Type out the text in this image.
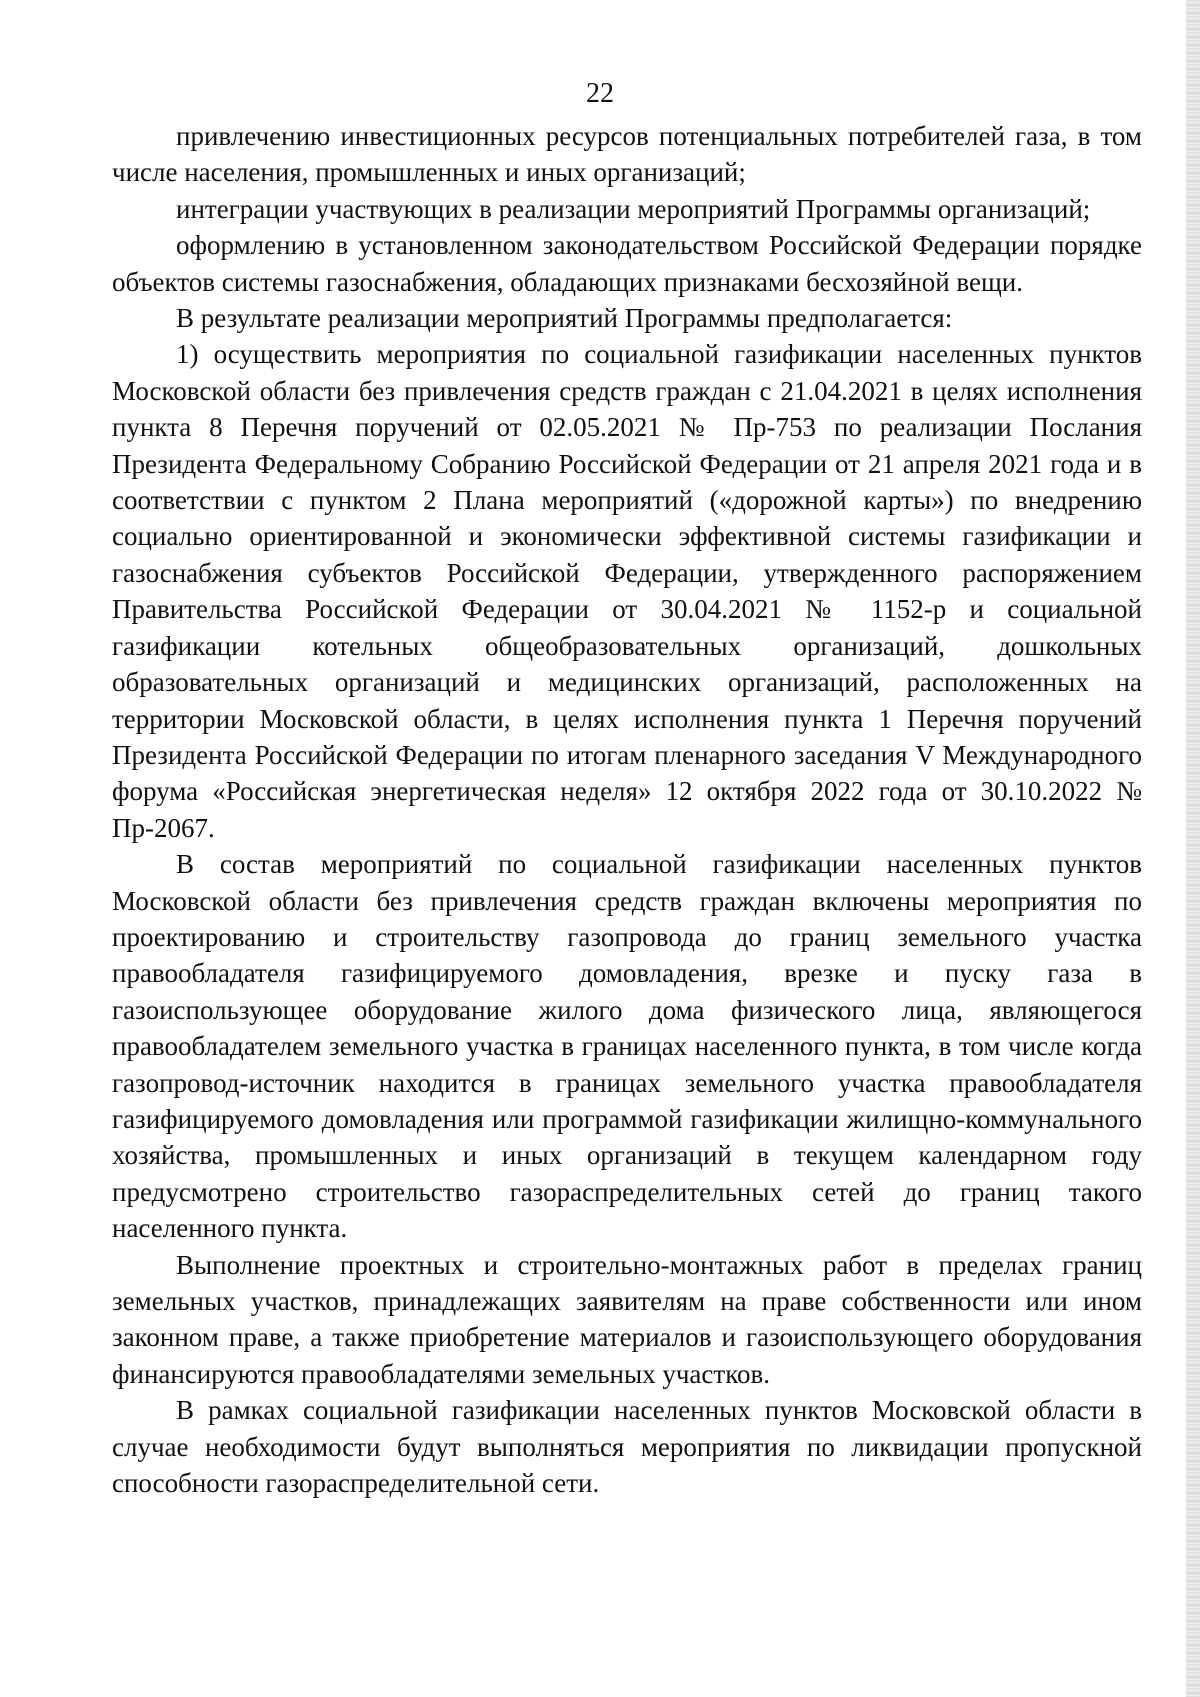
22

привлечению инвестиционных ресурсов потенциальных потребителей газа, в том числе населения, промышленных и иных организаций;

интеграции участвующих в реализации мероприятий Программы организаций;

оформлению в установленном законодательством Российской Федерации порядке объектов системы газоснабжения, обладающих признаками бесхозяйной вещи.

В результате реализации мероприятий Программы предполагается:

1) осуществить мероприятия по социальной газификации населенных пунктов Московской области без привлечения средств граждан с 21.04.2021 в целях исполнения пункта 8 Перечня поручений от 02.05.2021 № Пр-753 по реализации Послания Президента Федеральному Собранию Российской Федерации от 21 апреля 2021 года и в соответствии с пунктом 2 Плана мероприятий («дорожной карты») по внедрению социально ориентированной и экономически эффективной системы газификации и газоснабжения субъектов Российской Федерации, утвержденного распоряжением Правительства Российской Федерации от 30.04.2021 № 1152-р и социальной газификации котельных общеобразовательных организаций, дошкольных образовательных организаций и медицинских организаций, расположенных на территории Московской области, в целях исполнения пункта 1 Перечня поручений Президента Российской Федерации по итогам пленарного заседания V Международного форума «Российская энергетическая неделя» 12 октября 2022 года от 30.10.2022 № Пр-2067.

В состав мероприятий по социальной газификации населенных пунктов Московской области без привлечения средств граждан включены мероприятия по проектированию и строительству газопровода до границ земельного участка правообладателя газифицируемого домовладения, врезке и пуску газа в газоиспользующее оборудование жилого дома физического лица, являющегося правообладателем земельного участка в границах населенного пункта, в том числе когда газопровод-источник находится в границах земельного участка правообладателя газифицируемого домовладения или программой газификации жилищно-коммунального хозяйства, промышленных и иных организаций в текущем календарном году предусмотрено строительство газораспределительных сетей до границ такого населенного пункта.

Выполнение проектных и строительно-монтажных работ в пределах границ земельных участков, принадлежащих заявителям на праве собственности или ином законном праве, а также приобретение материалов и газоиспользующего оборудования финансируются правообладателями земельных участков.

В рамках социальной газификации населенных пунктов Московской области в случае необходимости будут выполняться мероприятия по ликвидации пропускной способности газораспределительной сети.
